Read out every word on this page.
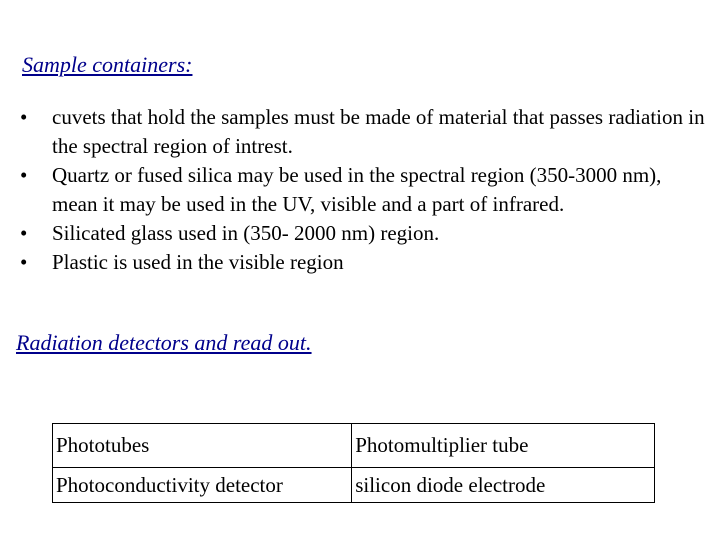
Sample containers:
• cuvets that hold the samples must be made of material that passes radiation in the spectral region of intrest.
• Quartz or fused silica may be used in the spectral region (350-3000 nm), mean it may be used in the UV, visible and a part of infrared.
• Silicated glass used in (350- 2000 nm) region.
• Plastic is used in the visible region
Radiation detectors and read out.
Phototubes	Photomultiplier tube
Photoconductivity detector	silicon diode electrode
